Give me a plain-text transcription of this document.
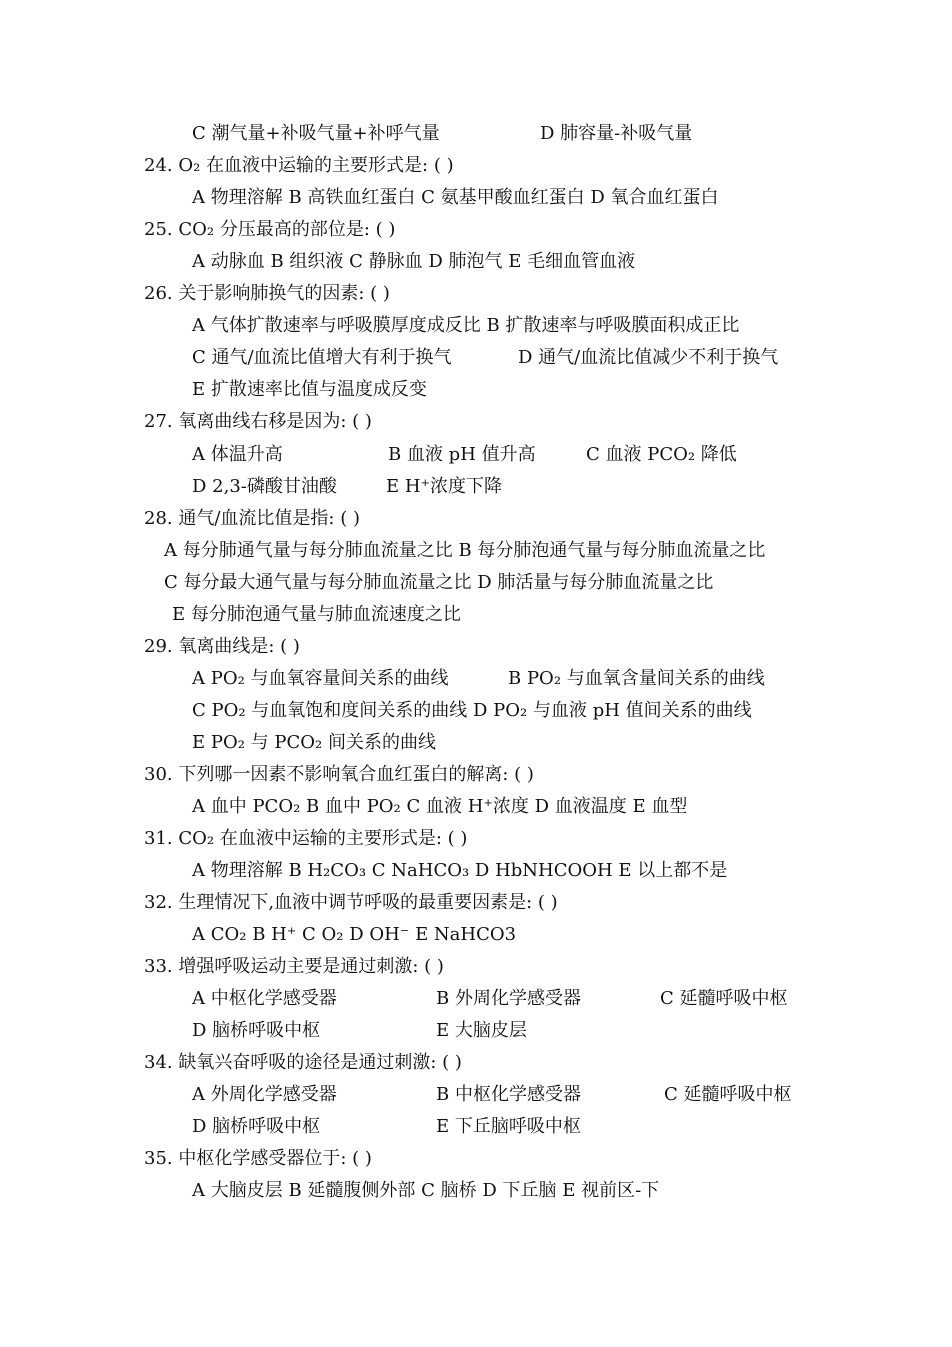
C 潮气量+补吸气量+补呼气量	D 肺容量-补吸气量
24. O₂ 在血液中运输的主要形式是: ( )
A 物理溶解 B 高铁血红蛋白 C 氨基甲酸血红蛋白 D 氧合血红蛋白
25. CO₂ 分压最高的部位是: ( )
A 动脉血 B 组织液 C 静脉血 D 肺泡气 E 毛细血管血液
26. 关于影响肺换气的因素: ( )
A 气体扩散速率与呼吸膜厚度成反比 B 扩散速率与呼吸膜面积成正比
C 通气/血流比值增大有利于换气	D 通气/血流比值减少不利于换气
E 扩散速率比值与温度成反变
27. 氧离曲线右移是因为: ( )
A 体温升高	B 血液 pH 值升高	C 血液 PCO₂ 降低
D 2,3-磷酸甘油酸	E H⁺浓度下降
28. 通气/血流比值是指: ( )
A 每分肺通气量与每分肺血流量之比 B 每分肺泡通气量与每分肺血流量之比
C 每分最大通气量与每分肺血流量之比 D 肺活量与每分肺血流量之比
E 每分肺泡通气量与肺血流速度之比
29. 氧离曲线是: ( )
A PO₂ 与血氧容量间关系的曲线	B PO₂ 与血氧含量间关系的曲线
C PO₂ 与血氧饱和度间关系的曲线 D PO₂ 与血液 pH 值间关系的曲线
E PO₂ 与 PCO₂ 间关系的曲线
30. 下列哪一因素不影响氧合血红蛋白的解离: ( )
A 血中 PCO₂ B 血中 PO₂ C 血液 H⁺浓度 D 血液温度 E 血型
31. CO₂ 在血液中运输的主要形式是: ( )
A 物理溶解 B H₂CO₃ C NaHCO₃ D HbNHCOOH E 以上都不是
32. 生理情况下,血液中调节呼吸的最重要因素是: ( )
A CO₂ B H⁺ C O₂ D OH⁻ E NaHCO3
33. 增强呼吸运动主要是通过刺激: ( )
A 中枢化学感受器	B 外周化学感受器	C 延髓呼吸中枢
D 脑桥呼吸中枢	E 大脑皮层
34. 缺氧兴奋呼吸的途径是通过刺激: ( )
A 外周化学感受器	B 中枢化学感受器	C 延髓呼吸中枢
D 脑桥呼吸中枢	E 下丘脑呼吸中枢
35. 中枢化学感受器位于: ( )
A 大脑皮层 B 延髓腹侧外部 C 脑桥 D 下丘脑 E 视前区-下
